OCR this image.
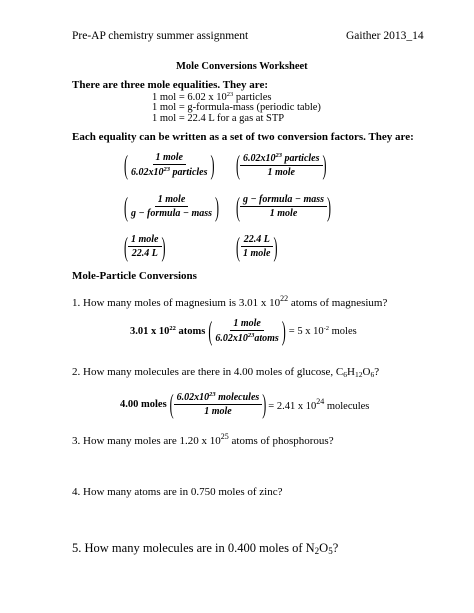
Pre-AP chemistry summer assignment	Gaither 2013_14
Mole Conversions Worksheet
There are three mole equalities. They are:
1 mol = 6.02 x $10^{23}$ particles
1 mol = g-formula-mass (periodic table)
1 mol = 22.4 L for a gas at STP
Each equality can be written as a set of two conversion factors. They are:
( $\frac{\text{1 mole}}{6.02x10^{23} particles}$ ) ( $\frac{6.02x10^{23} particles}{\text{1 mole}}$ )
( $\frac{\text{1 mole}}{\text{g − formula − mass}}$ ) ( $\frac{\text{g − formula − mass}}{\text{1 mole}}$ )
( $\frac{\text{1 mole}}{22.4 L}$ )	( $\frac{22.4 L}{\text{1 mole}}$ )
Mole-Particle Conversions
1. How many moles of magnesium is 3.01 x $10^{22}$ atoms of magnesium?
3.01 x $10^{22}$ atoms ( $\frac{\text{1 mole}}{6.02x10^{23}atoms}$ ) = 5 x $10^{-2}$ moles
2. How many molecules are there in 4.00 moles of glucose, $C_6H_{12}O_6$?
4.00 moles ( $\frac{6.02x10^{23} molecules}{\text{1 mole}}$ ) = 2.41 x $10^{24}$ molecules
3. How many moles are 1.20 x $10^{25}$ atoms of phosphorous?
4. How many atoms are in 0.750 moles of zinc?
5. How many molecules are in 0.400 moles of $N_2O_5$?
